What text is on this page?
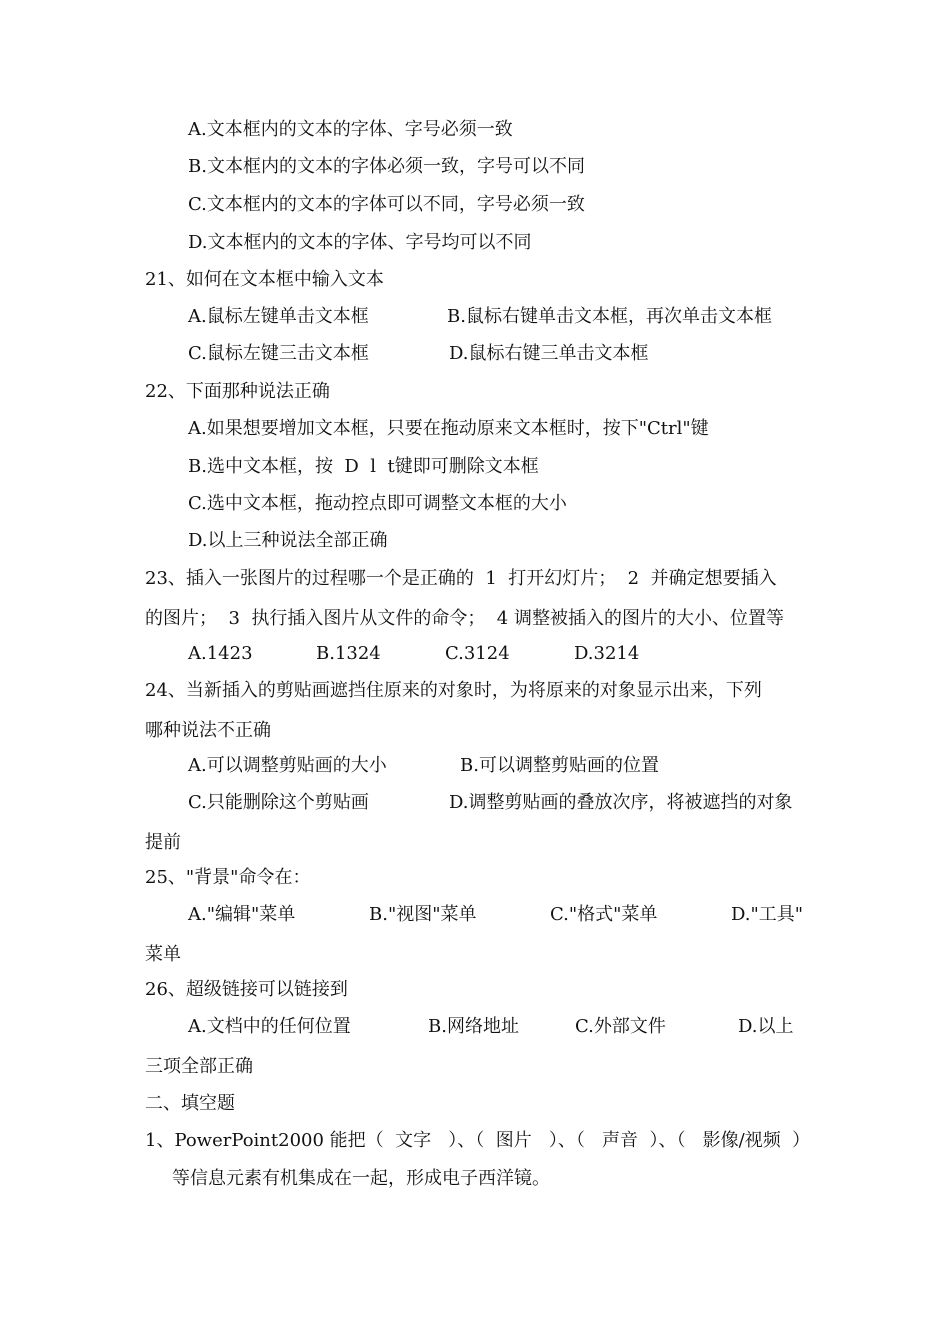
A.文本框内的文本的字体、字号必须一致
B.文本框内的文本的字体必须一致，字号可以不同
C.文本框内的文本的字体可以不同，字号必须一致
D.文本框内的文本的字体、字号均可以不同
21、如何在文本框中输入文本
A.鼠标左键单击文本框	B.鼠标右键单击文本框，再次单击文本框
C.鼠标左键三击文本框	D.鼠标右键三单击文本框
22、下面那种说法正确
A.如果想要增加文本框，只要在拖动原来文本框时，按下"Ctrl"键
B.选中文本框，按  D  l  t键即可删除文本框
C.选中文本框，拖动控点即可调整文本框的大小
D.以上三种说法全部正确
23、插入一张图片的过程哪一个是正确的  1  打开幻灯片；  2  并确定想要插入
的图片；  3  执行插入图片从文件的命令；  4 调整被插入的图片的大小、位置等
A.1423	B.1324	C.3124	D.3214
24、当新插入的剪贴画遮挡住原来的对象时，为将原来的对象显示出来，下列
哪种说法不正确
A.可以调整剪贴画的大小	B.可以调整剪贴画的位置
C.只能删除这个剪贴画	D.调整剪贴画的叠放次序，将被遮挡的对象
提前
25、"背景"命令在：
A."编辑"菜单	B."视图"菜单	C."格式"菜单	D."工具"
菜单
26、超级链接可以链接到
A.文档中的任何位置	B.网络地址	C.外部文件	D.以上
三项全部正确
二、填空题
1、PowerPoint2000 能把（  文字   ）、（  图片   ）、（   声音  ）、（   影像/视频  ）
等信息元素有机集成在一起，形成电子西洋镜。
